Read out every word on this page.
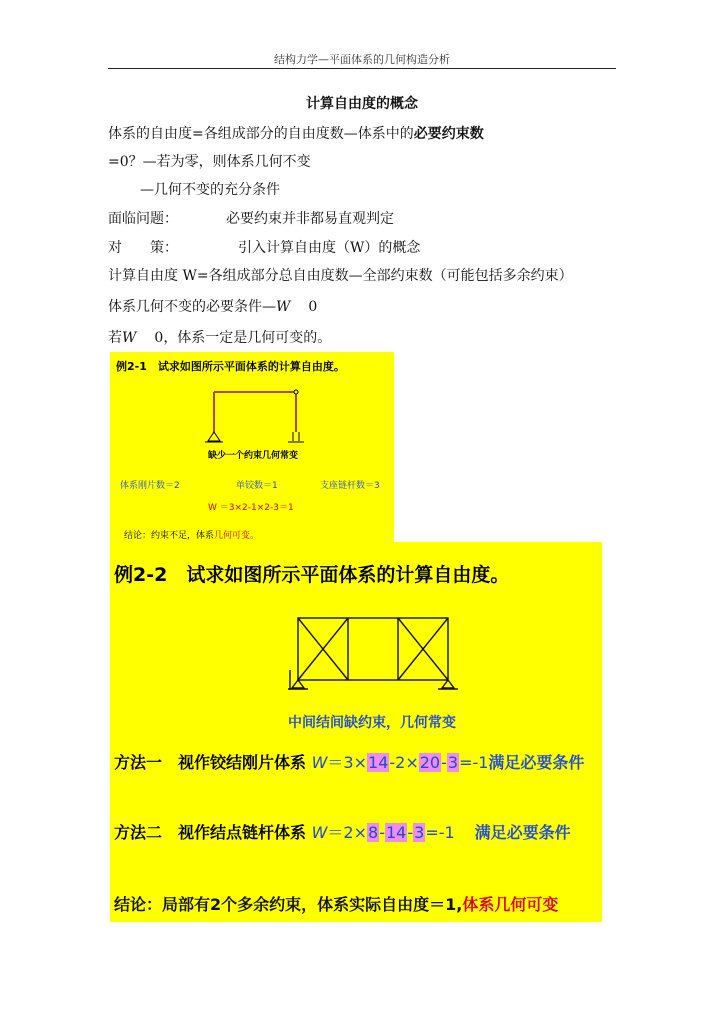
结构力学—平面体系的几何构造分析
计算自由度的概念
体系的自由度=各组成部分的自由度数—体系中的必要约束数
=0？—若为零，则体系几何不变
—几何不变的充分条件
面临问题：	必要约束并非都易直观判定
对 策：	引入计算自由度（W）的概念
计算自由度 W=各组成部分总自由度数—全部约束数（可能包括多余约束）
体系几何不变的必要条件—W 0
若W 0，体系一定是几何可变的。
例2-1　试求如图所示平面体系的计算自由度。
缺少一个约束几何常变
体系刚片数＝2	单铰数＝1	支座链杆数＝3
W ＝3×2-1×2-3＝1
结论：约束不足，体系几何可变。
例2-2　试求如图所示平面体系的计算自由度。
中间结间缺约束，几何常变
方法一　视作铰结刚片体系 W＝3×14-2×20-3=-1满足必要条件
方法二　视作结点链杆体系 W＝2×8-14-3=-1 满足必要条件
结论：局部有2个多余约束，体系实际自由度＝1,体系几何可变
